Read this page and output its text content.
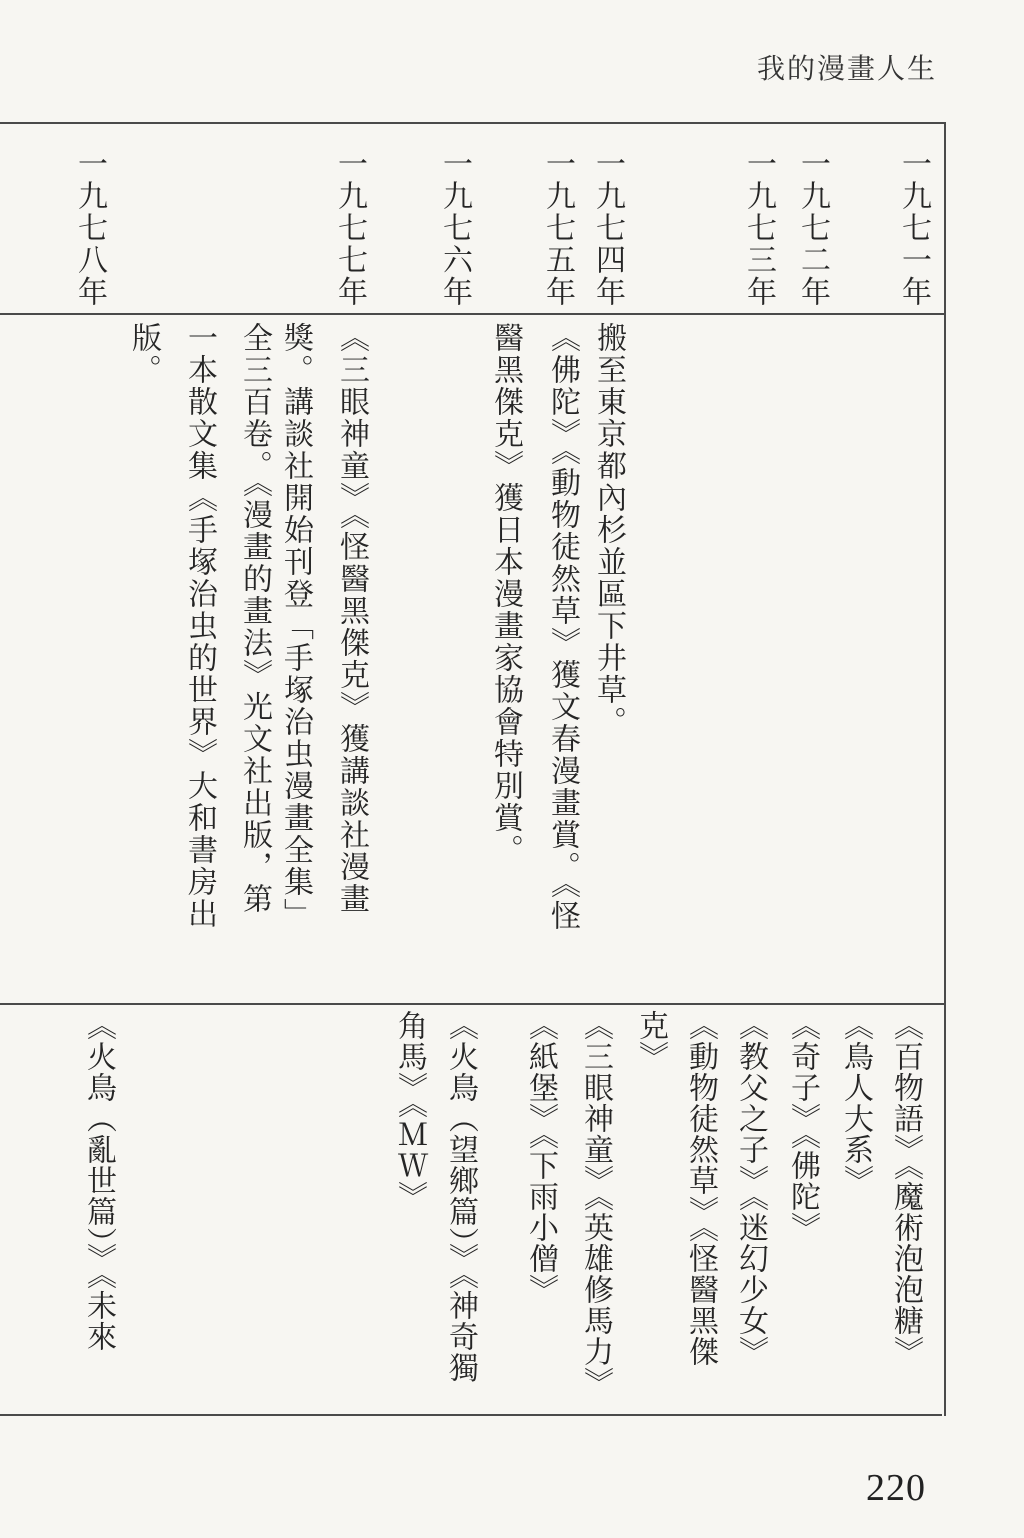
我的漫畫人生
一九七一年
一九七二年
一九七三年
一九七四年
一九七五年
一九七六年
一九七七年
一九七八年
搬至東京都內杉並區下井草。
《佛陀》《動物徒然草》獲文春漫畫賞。《怪
醫黑傑克》獲日本漫畫家協會特別賞。
《三眼神童》《怪醫黑傑克》獲講談社漫畫
獎。講談社開始刊登「手塚治虫漫畫全集」
全三百卷。《漫畫的畫法》光文社出版，第
一本散文集《手塚治虫的世界》大和書房出
版。
《百物語》《魔術泡泡糖》
《鳥人大系》
《奇子》《佛陀》
《教父之子》《迷幻少女》
《動物徒然草》《怪醫黑傑
克》
《三眼神童》《英雄修馬力》
《紙堡》《下雨小僧》
《火鳥（望鄉篇）》《神奇獨
角馬》《ＭＷ》
《火鳥（亂世篇）》《未來
220
